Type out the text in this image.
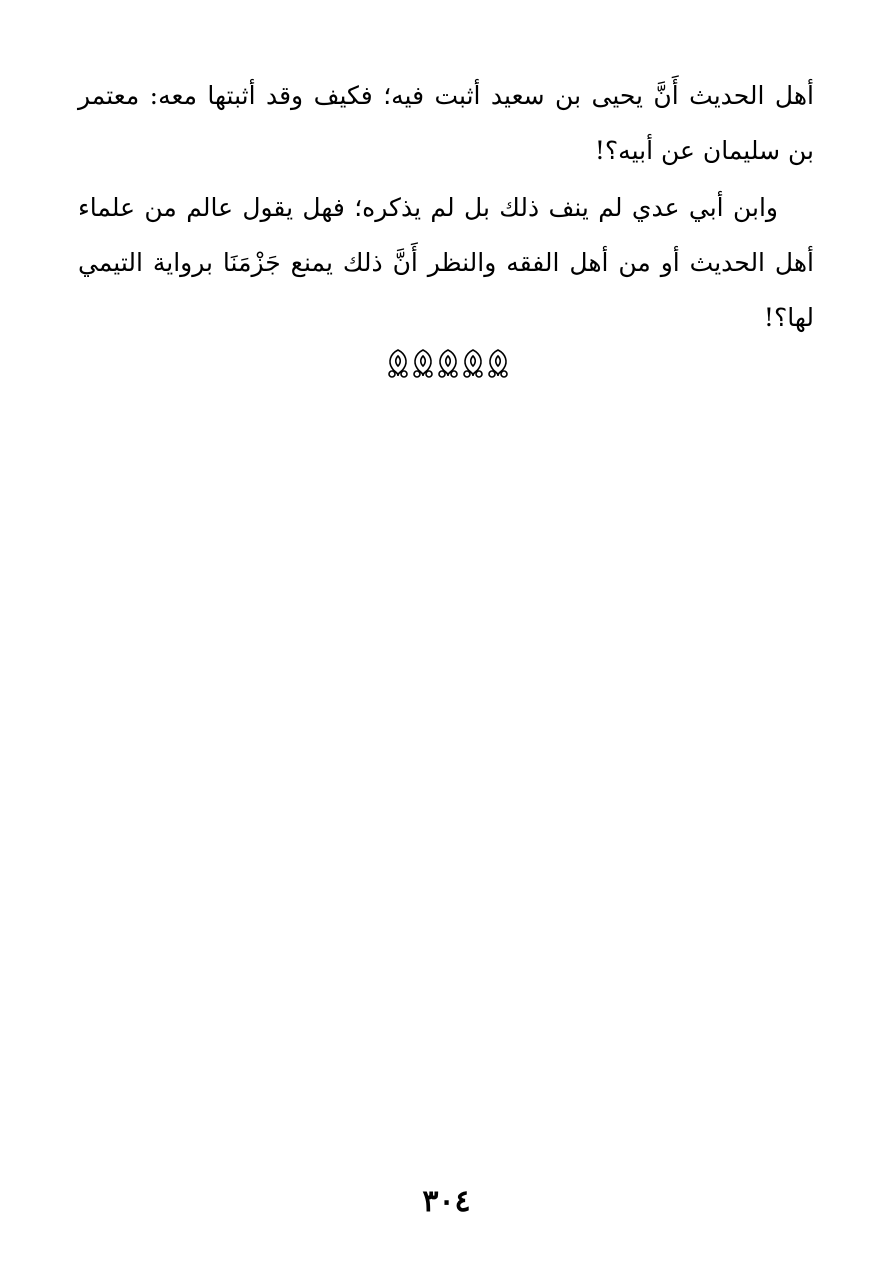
أهل الحديث أَنَّ يحيى بن سعيد أثبت فيه؛ فكيف وقد أثبتها معه: معتمر بن سليمان عن أبيه؟!

وابن أبي عدي لم ينف ذلك بل لم يذكره؛ فهل يقول عالم من علماء أهل الحديث أو من أهل الفقه والنظر أَنَّ ذلك يمنع جَزْمَنَا برواية التيمي لها؟!

٣٠٤
